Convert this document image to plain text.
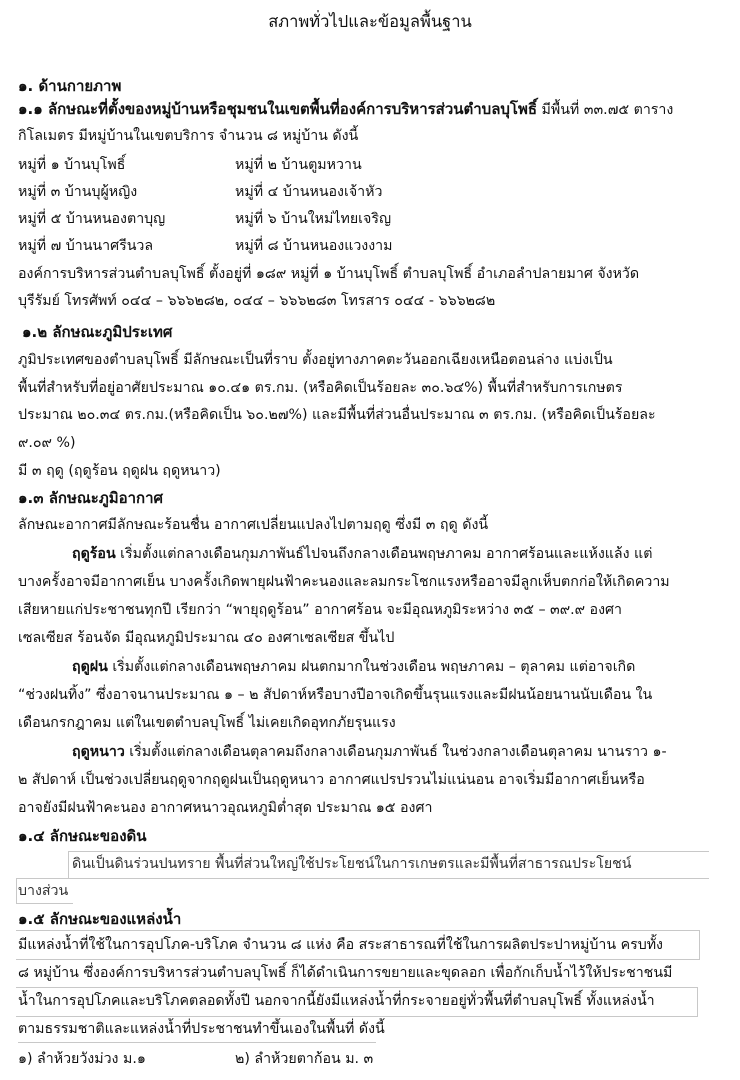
สภาพทั่วไปและข้อมูลพื้นฐาน
๑. ด้านกายภาพ
๑.๑ ลักษณะที่ตั้งของหมู่บ้านหรือชุมชนในเขตพื้นที่องค์การบริหารส่วนตำบลบุโพธิ์ มีพื้นที่ ๓๓.๗๕ ตาราง
กิโลเมตร มีหมู่บ้านในเขตบริการ จำนวน ๘ หมู่บ้าน ดังนี้
หมู่ที่ ๑ บ้านบุโพธิ์	หมู่ที่ ๒ บ้านตูมหวาน
หมู่ที่ ๓ บ้านบุผู้หญิง	หมู่ที่ ๔ บ้านหนองเจ้าหัว
หมู่ที่ ๕ บ้านหนองตาบุญ	หมู่ที่ ๖ บ้านใหม่ไทยเจริญ
หมู่ที่ ๗ บ้านนาศรีนวล	หมู่ที่ ๘ บ้านหนองแวงงาม
องค์การบริหารส่วนตำบลบุโพธิ์ ตั้งอยู่ที่ ๑๘๙ หมู่ที่ ๑ บ้านบุโพธิ์ ตำบลบุโพธิ์ อำเภอลำปลายมาศ จังหวัด
บุรีรัมย์ โทรศัพท์ ๐๔๔ – ๖๖๖๒๘๒, ๐๔๔ – ๖๖๖๒๘๓ โทรสาร ๐๔๔ - ๖๖๖๒๘๒
๑.๒ ลักษณะภูมิประเทศ
ภูมิประเทศของตำบลบุโพธิ์ มีลักษณะเป็นที่ราบ ตั้งอยู่ทางภาคตะวันออกเฉียงเหนือตอนล่าง แบ่งเป็น
พื้นที่สำหรับที่อยู่อาศัยประมาณ ๑๐.๔๑ ตร.กม. (หรือคิดเป็นร้อยละ ๓๐.๖๔%) พื้นที่สำหรับการเกษตร
ประมาณ ๒๐.๓๔ ตร.กม.(หรือคิดเป็น ๖๐.๒๗%) และมีพื้นที่ส่วนอื่นประมาณ ๓ ตร.กม. (หรือคิดเป็นร้อยละ
๙.๐๙ %)
มี ๓ ฤดู (ฤดูร้อน ฤดูฝน ฤดูหนาว)
๑.๓ ลักษณะภูมิอากาศ
ลักษณะอากาศมีลักษณะร้อนชื่น อากาศเปลี่ยนแปลงไปตามฤดู ซึ่งมี ๓ ฤดู ดังนี้
ฤดูร้อน เริ่มตั้งแต่กลางเดือนกุมภาพันธ์ไปจนถึงกลางเดือนพฤษภาคม อากาศร้อนและแห้งแล้ง แต่
บางครั้งอาจมีอากาศเย็น บางครั้งเกิดพายุฝนฟ้าคะนองและลมกระโชกแรงหรืออาจมีลูกเห็บตกก่อให้เกิดความ
เสียหายแก่ประชาชนทุกปี เรียกว่า “พายุฤดูร้อน” อากาศร้อน จะมีอุณหภูมิระหว่าง ๓๕ – ๓๙.๙ องศา
เซลเซียส ร้อนจัด มีอุณหภูมิประมาณ ๔๐ องศาเซลเซียส ขึ้นไป
ฤดูฝน เริ่มตั้งแต่กลางเดือนพฤษภาคม ฝนตกมากในช่วงเดือน พฤษภาคม – ตุลาคม แต่อาจเกิด
“ช่วงฝนทิ้ง” ซึ่งอาจนานประมาณ ๑ – ๒ สัปดาห์หรือบางปีอาจเกิดขึ้นรุนแรงและมีฝนน้อยนานนับเดือน ใน
เดือนกรกฎาคม แต่ในเขตตำบลบุโพธิ์ ไม่เคยเกิดอุทกภัยรุนแรง
ฤดูหนาว เริ่มตั้งแต่กลางเดือนตุลาคมถึงกลางเดือนกุมภาพันธ์ ในช่วงกลางเดือนตุลาคม นานราว ๑-
๒ สัปดาห์ เป็นช่วงเปลี่ยนฤดูจากฤดูฝนเป็นฤดูหนาว อากาศแปรปรวนไม่แน่นอน อาจเริ่มมีอากาศเย็นหรือ
อาจยังมีฝนฟ้าคะนอง อากาศหนาวอุณหภูมิต่ำสุด ประมาณ ๑๕ องศา
๑.๔ ลักษณะของดิน
ดินเป็นดินร่วนปนทราย พื้นที่ส่วนใหญ่ใช้ประโยชน์ในการเกษตรและมีพื้นที่สาธารณประโยชน์
บางส่วน
๑.๕ ลักษณะของแหล่งน้ำ
มีแหล่งน้ำที่ใช้ในการอุปโภค-บริโภค จำนวน ๘ แห่ง คือ สระสาธารณที่ใช้ในการผลิตประปาหมู่บ้าน ครบทั้ง
๘ หมู่บ้าน ซึ่งองค์การบริหารส่วนตำบลบุโพธิ์ ก็ได้ดำเนินการขยายและขุดลอก เพื่อกักเก็บน้ำไว้ให้ประชาชนมี
น้ำในการอุปโภคและบริโภคตลอดทั้งปี นอกจากนี้ยังมีแหล่งน้ำที่กระจายอยู่ทั่วพื้นที่ตำบลบุโพธิ์ ทั้งแหล่งน้ำ
ตามธรรมชาติและแหล่งน้ำที่ประชาชนทำขึ้นเองในพื้นที่ ดังนี้
๑) ลำห้วยวังม่วง ม.๑	๒) ลำห้วยตาก้อน ม. ๓
